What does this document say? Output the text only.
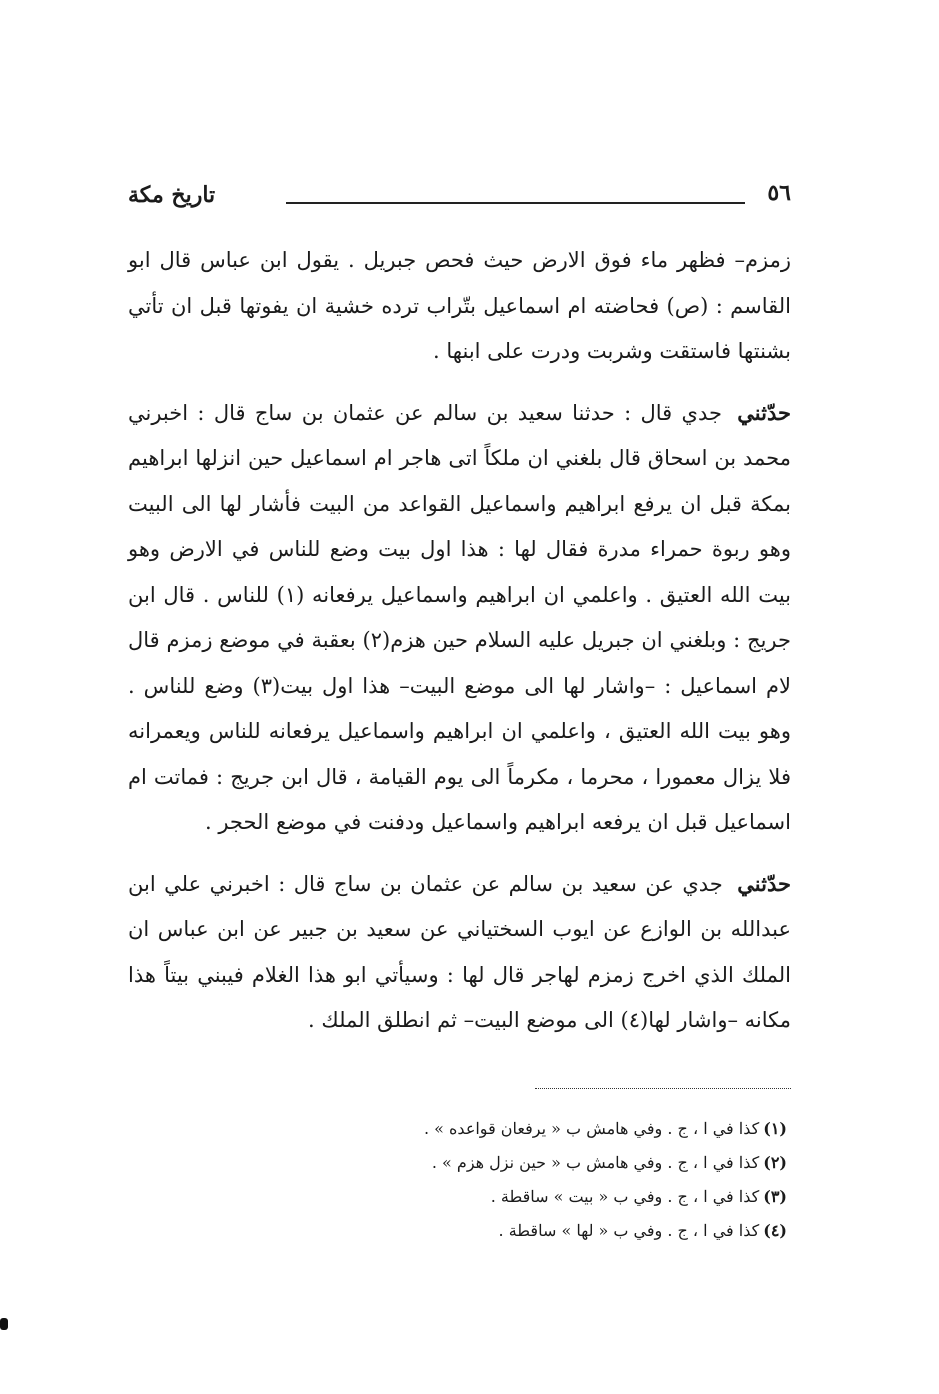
٥٦
تاريخ مكة

زمزم– فظهر ماء فوق الارض حيث فحص جبريل . يقول ابن عباس قال ابو القاسم : (ص) فحاضته ام اسماعيل بتّراب ترده خشية ان يفوتها قبل ان تأتي بشنتها فاستقت وشربت ودرت على ابنها .

حدّثني جدي قال : حدثنا سعيد بن سالم عن عثمان بن ساج قال : اخبرني محمد بن اسحاق قال بلغني ان ملكاً اتى هاجر ام اسماعيل حين انزلها ابراهيم بمكة قبل ان يرفع ابراهيم واسماعيل القواعد من البيت فأشار لها الى البيت وهو ربوة حمراء مدرة فقال لها : هذا اول بيت وضع للناس في الارض وهو بيت الله العتيق . واعلمي ان ابراهيم واسماعيل يرفعانه (١) للناس . قال ابن جريج : وبلغني ان جبريل عليه السلام حين هزم(٢) بعقبة في موضع زمزم قال لام اسماعيل : –واشار لها الى موضع البيت– هذا اول بيت(٣) وضع للناس . وهو بيت الله العتيق ، واعلمي ان ابراهيم واسماعيل يرفعانه للناس ويعمرانه فلا يزال معمورا ، محرما ، مكرماً الى يوم القيامة ، قال ابن جريج : فماتت ام اسماعيل قبل ان يرفعه ابراهيم واسماعيل ودفنت في موضع الحجر .

حدّثني جدي عن سعيد بن سالم عن عثمان بن ساج قال : اخبرني علي ابن عبدالله بن الوازع عن ايوب السختياني عن سعيد بن جبير عن ابن عباس ان الملك الذي اخرج زمزم لهاجر قال لها : وسيأتي ابو هذا الغلام فيبني بيتاً هذا مكانه –واشار لها(٤) الى موضع البيت– ثم انطلق الملك .

(١)كذا في ا ، ج . وفي هامش ب « يرفعان قواعده » .
(٢)كذا في ا ، ج . وفي هامش ب « حين نزل هزم » .
(٣)كذا في ا ، ج . وفي ب « بيت » ساقطة .
(٤)كذا في ا ، ج . وفي ب « لها » ساقطة .
